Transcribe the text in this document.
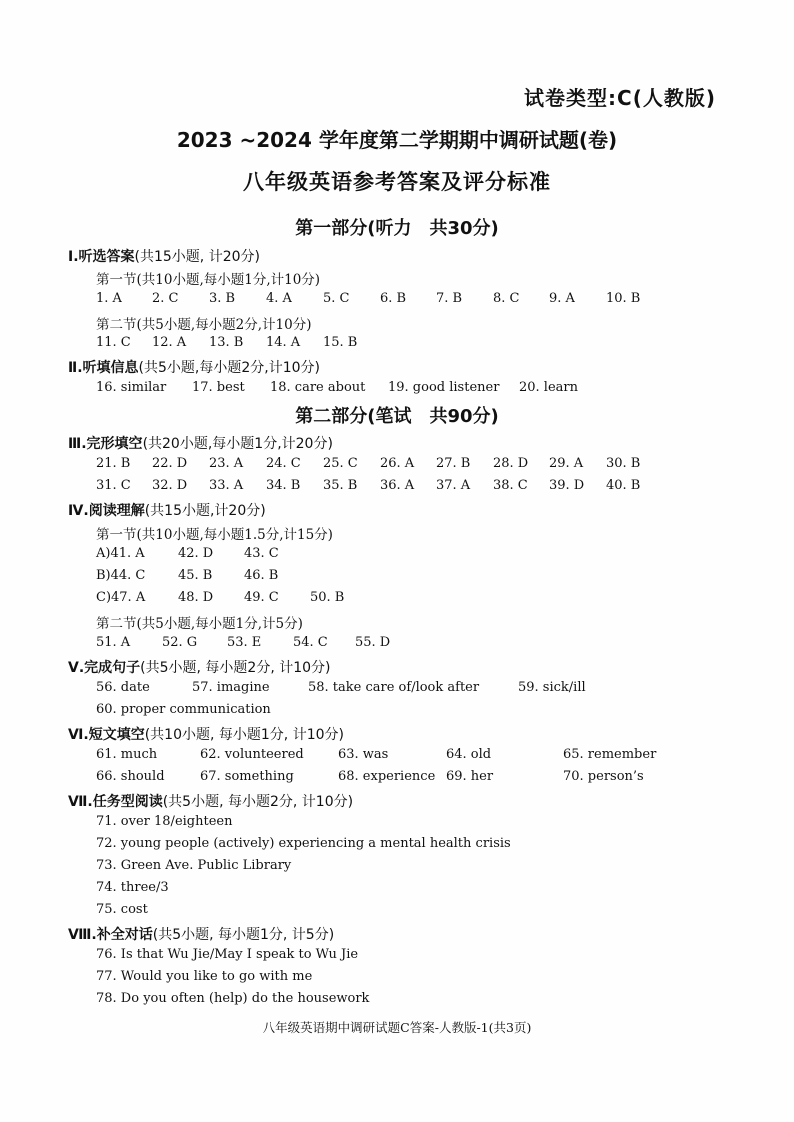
试卷类型:C(人教版)
2023 ~2024 学年度第二学期期中调研试题(卷)
八年级英语参考答案及评分标准
第一部分(听力　共30分)
Ⅰ.听选答案(共15小题, 计20分)
第一节(共10小题,每小题1分,计10分)
1. A 2. C 3. B 4. A 5. C 6. B 7. B 8. C 9. A 10. B
第二节(共5小题,每小题2分,计10分)
11. C 12. A 13. B 14. A 15. B
Ⅱ.听填信息(共5小题,每小题2分,计10分)
16. similar 17. best 18. care about 19. good listener 20. learn
第二部分(笔试　共90分)
Ⅲ.完形填空(共20小题,每小题1分,计20分)
21. B 22. D 23. A 24. C 25. C 26. A 27. B 28. D 29. A 30. B
31. C 32. D 33. A 34. B 35. B 36. A 37. A 38. C 39. D 40. B
Ⅳ.阅读理解(共15小题,计20分)
第一节(共10小题,每小题1.5分,计15分)
A)41. A	42. D 43. C
B)44. C	45. B 46. B
C)47. A	48. D 49. C 50. B
第二节(共5小题,每小题1分,计5分)
51. A 52. G 53. E 54. C 55. D
Ⅴ.完成句子(共5小题, 每小题2分, 计10分)
56. date	57. imagine	58. take care of/look after	59. sick/ill
60. proper communication
Ⅵ.短文填空(共10小题, 每小题1分, 计10分)
61. much	62. volunteered	63. was	64. old	65. remember
66. should	67. something	68. experience 69. her	70. person’s
Ⅶ.任务型阅读(共5小题, 每小题2分, 计10分)
71. over 18/eighteen
72. young people (actively) experiencing a mental health crisis
73. Green Ave. Public Library
74. three/3
75. cost
Ⅷ.补全对话(共5小题, 每小题1分, 计5分)
76. Is that Wu Jie/May I speak to Wu Jie
77. Would you like to go with me
78. Do you often (help) do the housework
八年级英语期中调研试题C答案-人教版-1(共3页)
